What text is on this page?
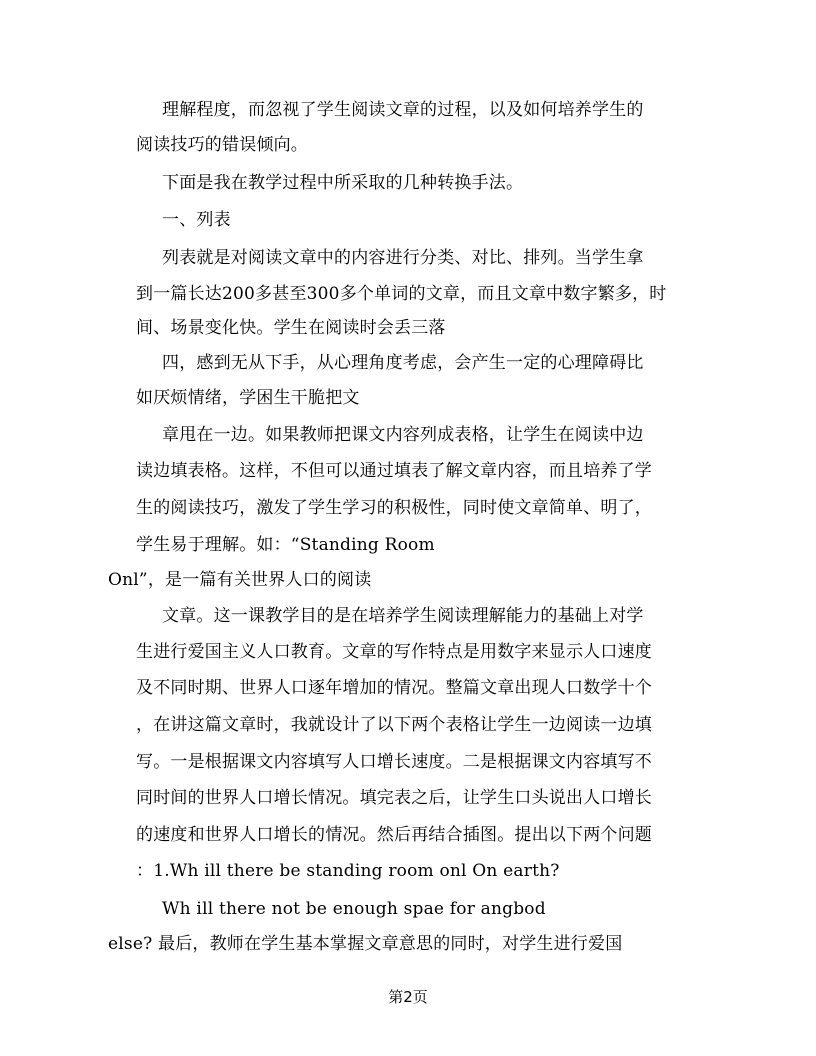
理解程度，而忽视了学生阅读文章的过程，以及如何培养学生的

阅读技巧的错误倾向。

下面是我在教学过程中所采取的几种转换手法。

一、列表

列表就是对阅读文章中的内容进行分类、对比、排列。当学生拿

到一篇长达200多甚至300多个单词的文章，而且文章中数字繁多，时

间、场景变化快。学生在阅读时会丢三落

四，感到无从下手，从心理角度考虑，会产生一定的心理障碍比

如厌烦情绪，学困生干脆把文

章甩在一边。如果教师把课文内容列成表格，让学生在阅读中边

读边填表格。这样，不但可以通过填表了解文章内容，而且培养了学

生的阅读技巧，激发了学生学习的积极性，同时使文章简单、明了，

学生易于理解。如：“Standing Room

Onl”，是一篇有关世界人口的阅读

文章。这一课教学目的是在培养学生阅读理解能力的基础上对学

生进行爱国主义人口教育。文章的写作特点是用数字来显示人口速度

及不同时期、世界人口逐年增加的情况。整篇文章出现人口数学十个

，在讲这篇文章时，我就设计了以下两个表格让学生一边阅读一边填

写。一是根据课文内容填写人口增长速度。二是根据课文内容填写不

同时间的世界人口增长情况。填完表之后，让学生口头说出人口增长

的速度和世界人口增长的情况。然后再结合插图。提出以下两个问题

：1.Wh ill there be standing room onl On earth?

Wh ill there not be enough spae for angbod

else? 最后，教师在学生基本掌握文章意思的同时，对学生进行爱国

第2页
